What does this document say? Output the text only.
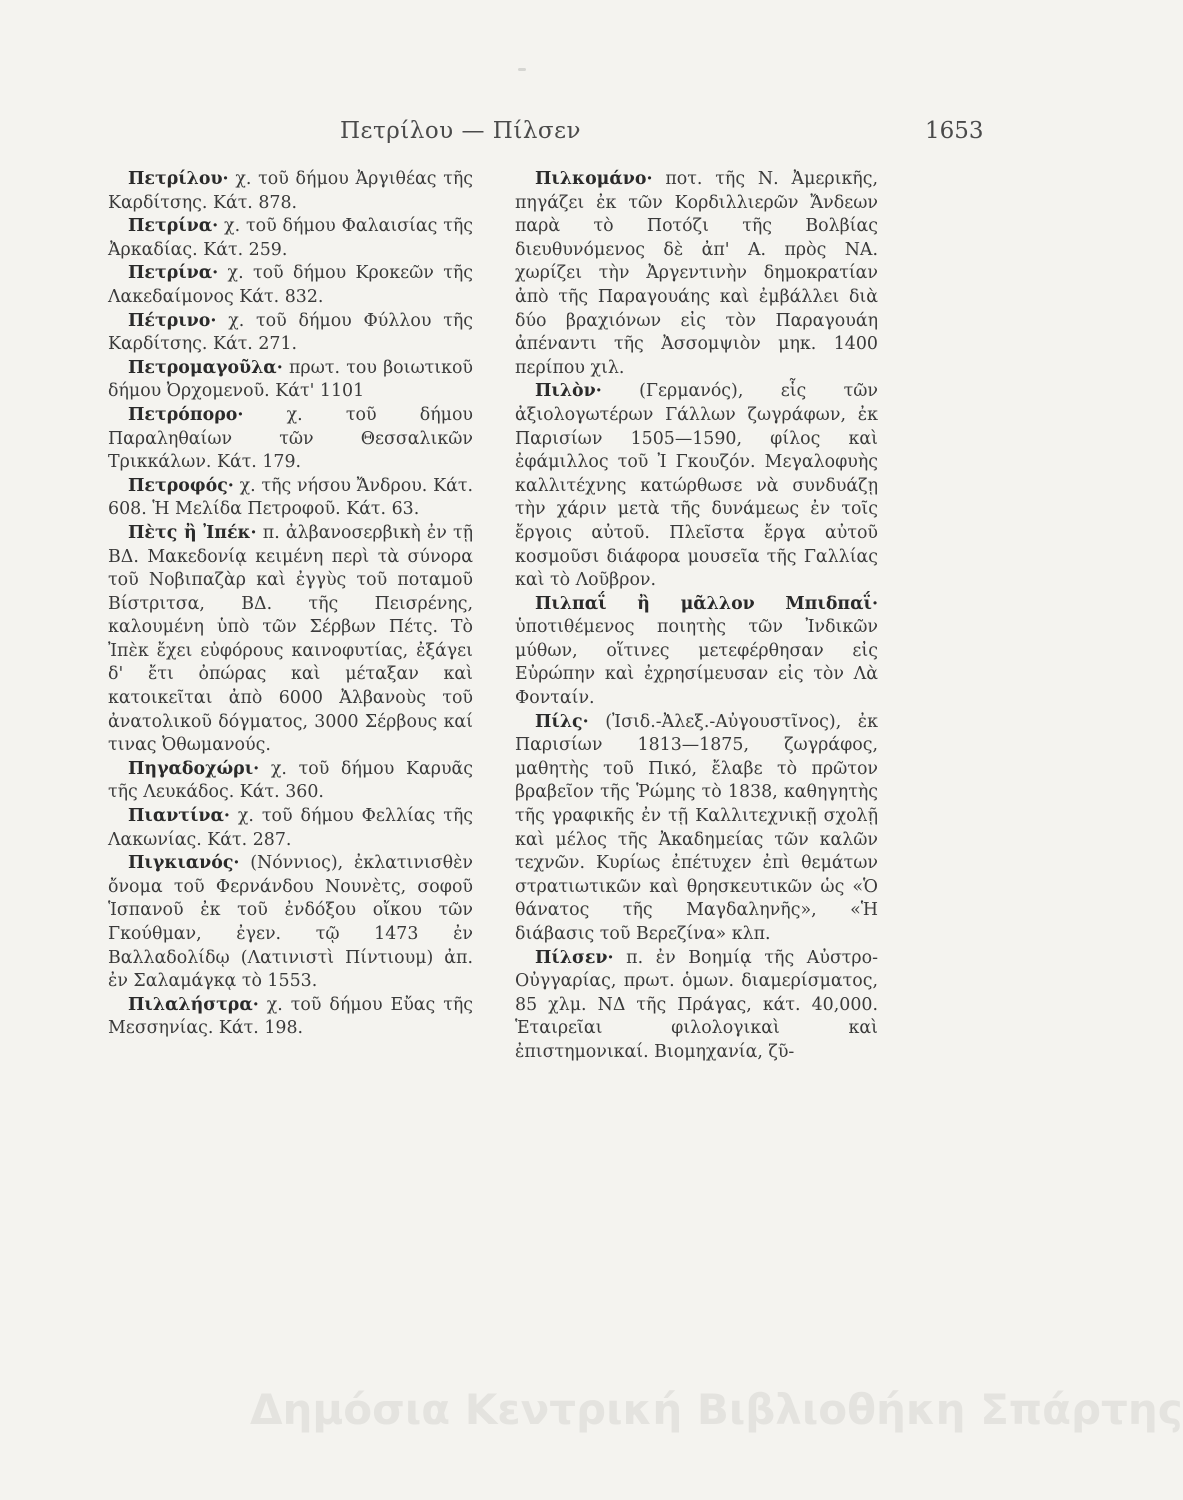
Πετρίλου — Πίλσεν	1653

Πετρίλου· χ. τοῦ δήμου Ἀργιθέας τῆς Καρδίτσης. Κάτ. 878.

Πετρίνα· χ. τοῦ δήμου Φαλαισίας τῆς Ἀρκαδίας. Κάτ. 259.

Πετρίνα· χ. τοῦ δήμου Κροκεῶν τῆς Λακεδαίμονος Κάτ. 832.

Πέτρινο· χ. τοῦ δήμου Φύλλου τῆς Καρδίτσης. Κάτ. 271.

Πετρομαγοῦλα· πρωτ. του βοιωτικοῦ δήμου Ὀρχομενοῦ. Κάτ' 1101

Πετρόπορο· χ. τοῦ δήμου Παραληθαίων τῶν Θεσσαλικῶν Τρικκάλων. Κάτ. 179.

Πετροφός· χ. τῆς νήσου Ἄνδρου. Κάτ. 608. Ἡ Μελίδα Πετροφοῦ. Κάτ. 63.

Πὲτς ἢ Ἰπέκ· π. ἀλβανοσερβικὴ ἐν τῇ ΒΔ. Μακεδονίᾳ κειμένη περὶ τὰ σύνορα τοῦ Νοβιπαζὰρ καὶ ἐγγὺς τοῦ ποταμοῦ Βίστριτσα, ΒΔ. τῆς Πεισρένης, καλουμένη ὑπὸ τῶν Σέρβων Πέτς. Τὸ Ἰπὲκ ἔχει εὐφόρους καινοφυτίας, ἐξάγει δ' ἔτι ὀπώρας καὶ μέταξαν καὶ κατοικεῖται ἀπὸ 6000 Ἀλβανοὺς τοῦ ἀνατολικοῦ δόγματος, 3000 Σέρβους καί τινας Ὀθωμανούς.

Πηγαδοχώρι· χ. τοῦ δήμου Καρυᾶς τῆς Λευκάδος. Κάτ. 360.

Πιαντίνα· χ. τοῦ δήμου Φελλίας τῆς Λακωνίας. Κάτ. 287.

Πιγκιανός· (Νόννιος), ἐκλατινισθὲν ὄνομα τοῦ Φερνάνδου Νουνὲτς, σοφοῦ Ἱσπανοῦ ἐκ τοῦ ἐνδόξου οἴκου τῶν Γκούθμαν, ἐγεν. τῷ 1473 ἐν Βαλλαδολίδῳ (Λατινιστὶ Πίντιουμ) ἀπ. ἐν Σαλαμάγκᾳ τὸ 1553.

Πιλαλήστρα· χ. τοῦ δήμου Εὔας τῆς Μεσσηνίας. Κάτ. 198.

Πιλκομάνο· ποτ. τῆς Ν. Ἀμερικῆς, πηγάζει ἐκ τῶν Κορδιλλιερῶν Ἄνδεων παρὰ τὸ Ποτόζι τῆς Βολβίας διευθυνόμενος δὲ ἀπ' Α. πρὸς ΝΑ. χωρίζει τὴν Ἀργεντινὴν δημοκρατίαν ἀπὸ τῆς Παραγουάης καὶ ἐμβάλλει διὰ δύο βραχιόνων εἰς τὸν Παραγουάη ἀπέναντι τῆς Ἀσσομψιὸν μηκ. 1400 περίπου χιλ.

Πιλὸν· (Γερμανός), εἷς τῶν ἀξιολογωτέρων Γάλλων ζωγράφων, ἐκ Παρισίων 1505—1590, φίλος καὶ ἐφάμιλλος τοῦ Ἰ Γκουζόν. Μεγαλοφυὴς καλλιτέχνης κατώρθωσε νὰ συνδυάζῃ τὴν χάριν μετὰ τῆς δυνάμεως ἐν τοῖς ἔργοις αὐτοῦ. Πλεῖστα ἔργα αὐτοῦ κοσμοῦσι διάφορα μουσεῖα τῆς Γαλλίας καὶ τὸ Λοῦβρον.

Πιλπαΐ ἢ μᾶλλον Μπιδπαΐ· ὑποτιθέμενος ποιητὴς τῶν Ἰνδικῶν μύθων, οἵτινες μετεφέρθησαν εἰς Εὐρώπην καὶ ἐχρησίμευσαν εἰς τὸν Λὰ Φονταίν.

Πίλς· (Ἰσιδ.-Ἀλεξ.-Αὐγουστῖνος), ἐκ Παρισίων 1813—1875, ζωγράφος, μαθητὴς τοῦ Πικό, ἔλαβε τὸ πρῶτον βραβεῖον τῆς Ῥώμης τὸ 1838, καθηγητὴς τῆς γραφικῆς ἐν τῇ Καλλιτεχνικῇ σχολῇ καὶ μέλος τῆς Ἀκαδημείας τῶν καλῶν τεχνῶν. Κυρίως ἐπέτυχεν ἐπὶ θεμάτων στρατιωτικῶν καὶ θρησκευτικῶν ὡς «Ὁ θάνατος τῆς Μαγδαληνῆς», «Ἡ διάβασις τοῦ Βερεζίνα» κλπ.

Πίλσεν· π. ἐν Βοημίᾳ τῆς Αὐστρο-Οὐγγαρίας, πρωτ. ὁμων. διαμερίσματος, 85 χλμ. ΝΔ τῆς Πράγας, κάτ. 40,000. Ἑταιρεῖαι φιλολογικαὶ καὶ ἐπιστημονικαί. Βιομηχανία, ζῦ-

Δημόσια Κεντρική Βιβλιοθήκη Σπάρτης
